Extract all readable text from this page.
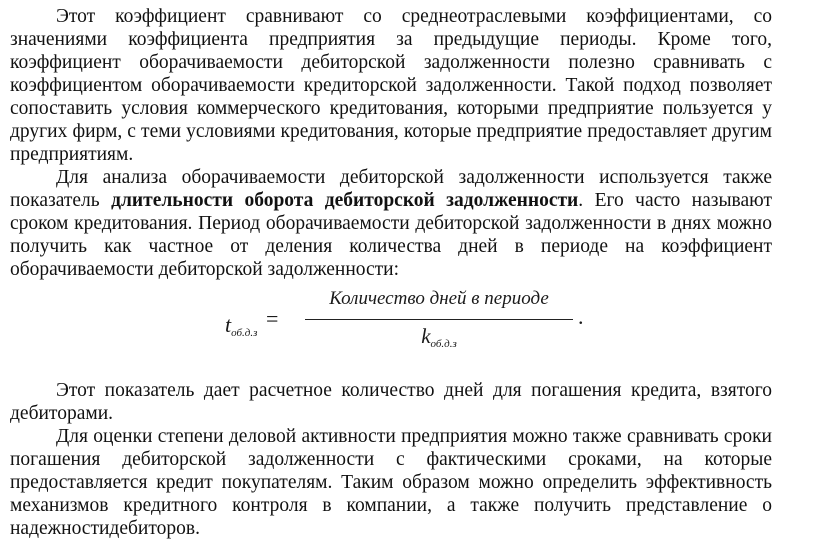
Этот коэффициент сравнивают со среднеотраслевыми коэффициентами, со значениями коэффициента предприятия за предыдущие периоды. Кроме того, коэффициент оборачиваемости дебиторской задолженности полезно сравнивать с коэффициентом оборачиваемости кредиторской задолженности. Такой подход позволяет сопоставить условия коммерческого кредитования, которыми предприятие пользуется у других фирм, с теми условиями кредитования, которые предприятие предоставляет другим предприятиям.

Для анализа оборачиваемости дебиторской задолженности используется также показатель длительности оборота дебиторской задолженности. Его часто называют сроком кредитования. Период оборачиваемости дебиторской задолженности в днях можно получить как частное от деления количества дней в периоде на коэффициент оборачиваемости дебиторской задолженности:

$t_{об.д.з}$
=
Количество дней в периоде
$k_{об.д.з}$
.

Этот показатель дает расчетное количество дней для погашения кредита, взятого дебиторами.

Для оценки степени деловой активности предприятия можно также сравнивать сроки погашения дебиторской задолженности с фактическими сроками, на которые предоставляется кредит покупателям. Таким образом можно определить эффективность механизмов кредитного контроля в компании, а также получить представление о надежностидебиторов.
